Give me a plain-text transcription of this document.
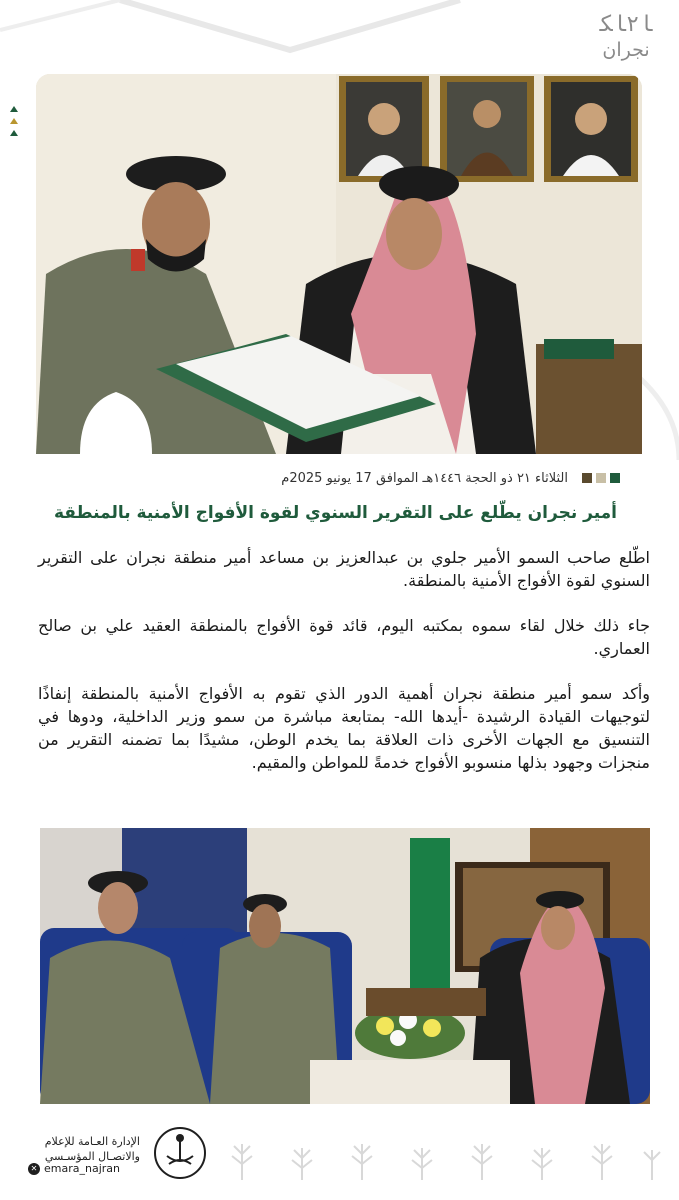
ﺎ٢ﺎﻜ
نجران
الثلاثاء ٢١ ذو الحجة ١٤٤٦هـ الموافق 17 يونيو 2025م
أمير نجران يطّلع على التقرير السنوي لقوة الأفواج الأمنية بالمنطقة

اطّلع صاحب السمو الأمير جلوي بن عبدالعزيز بن مساعد أمير منطقة نجران على التقرير السنوي لقوة الأفواج الأمنية بالمنطقة.

جاء ذلك خلال لقاء سموه بمكتبه اليوم، قائد قوة الأفواج بالمنطقة العقيد علي بن صالح العماري.

وأكد سمو أمير منطقة نجران أهمية الدور الذي تقوم به الأفواج الأمنية بالمنطقة إنفاذًا لتوجيهات القيادة الرشيدة -أيدها الله- بمتابعة مباشرة من سمو وزير الداخلية، ودوها في التنسيق مع الجهات الأخرى ذات العلاقة بما يخدم الوطن، مشيدًا بما تضمنه التقرير من منجزات وجهود بذلها منسوبو الأفواج خدمةً للمواطن والمقيم.

الإدارة العـامة للإعلام
والاتصـال المؤسـسي
✕ emara_najran
